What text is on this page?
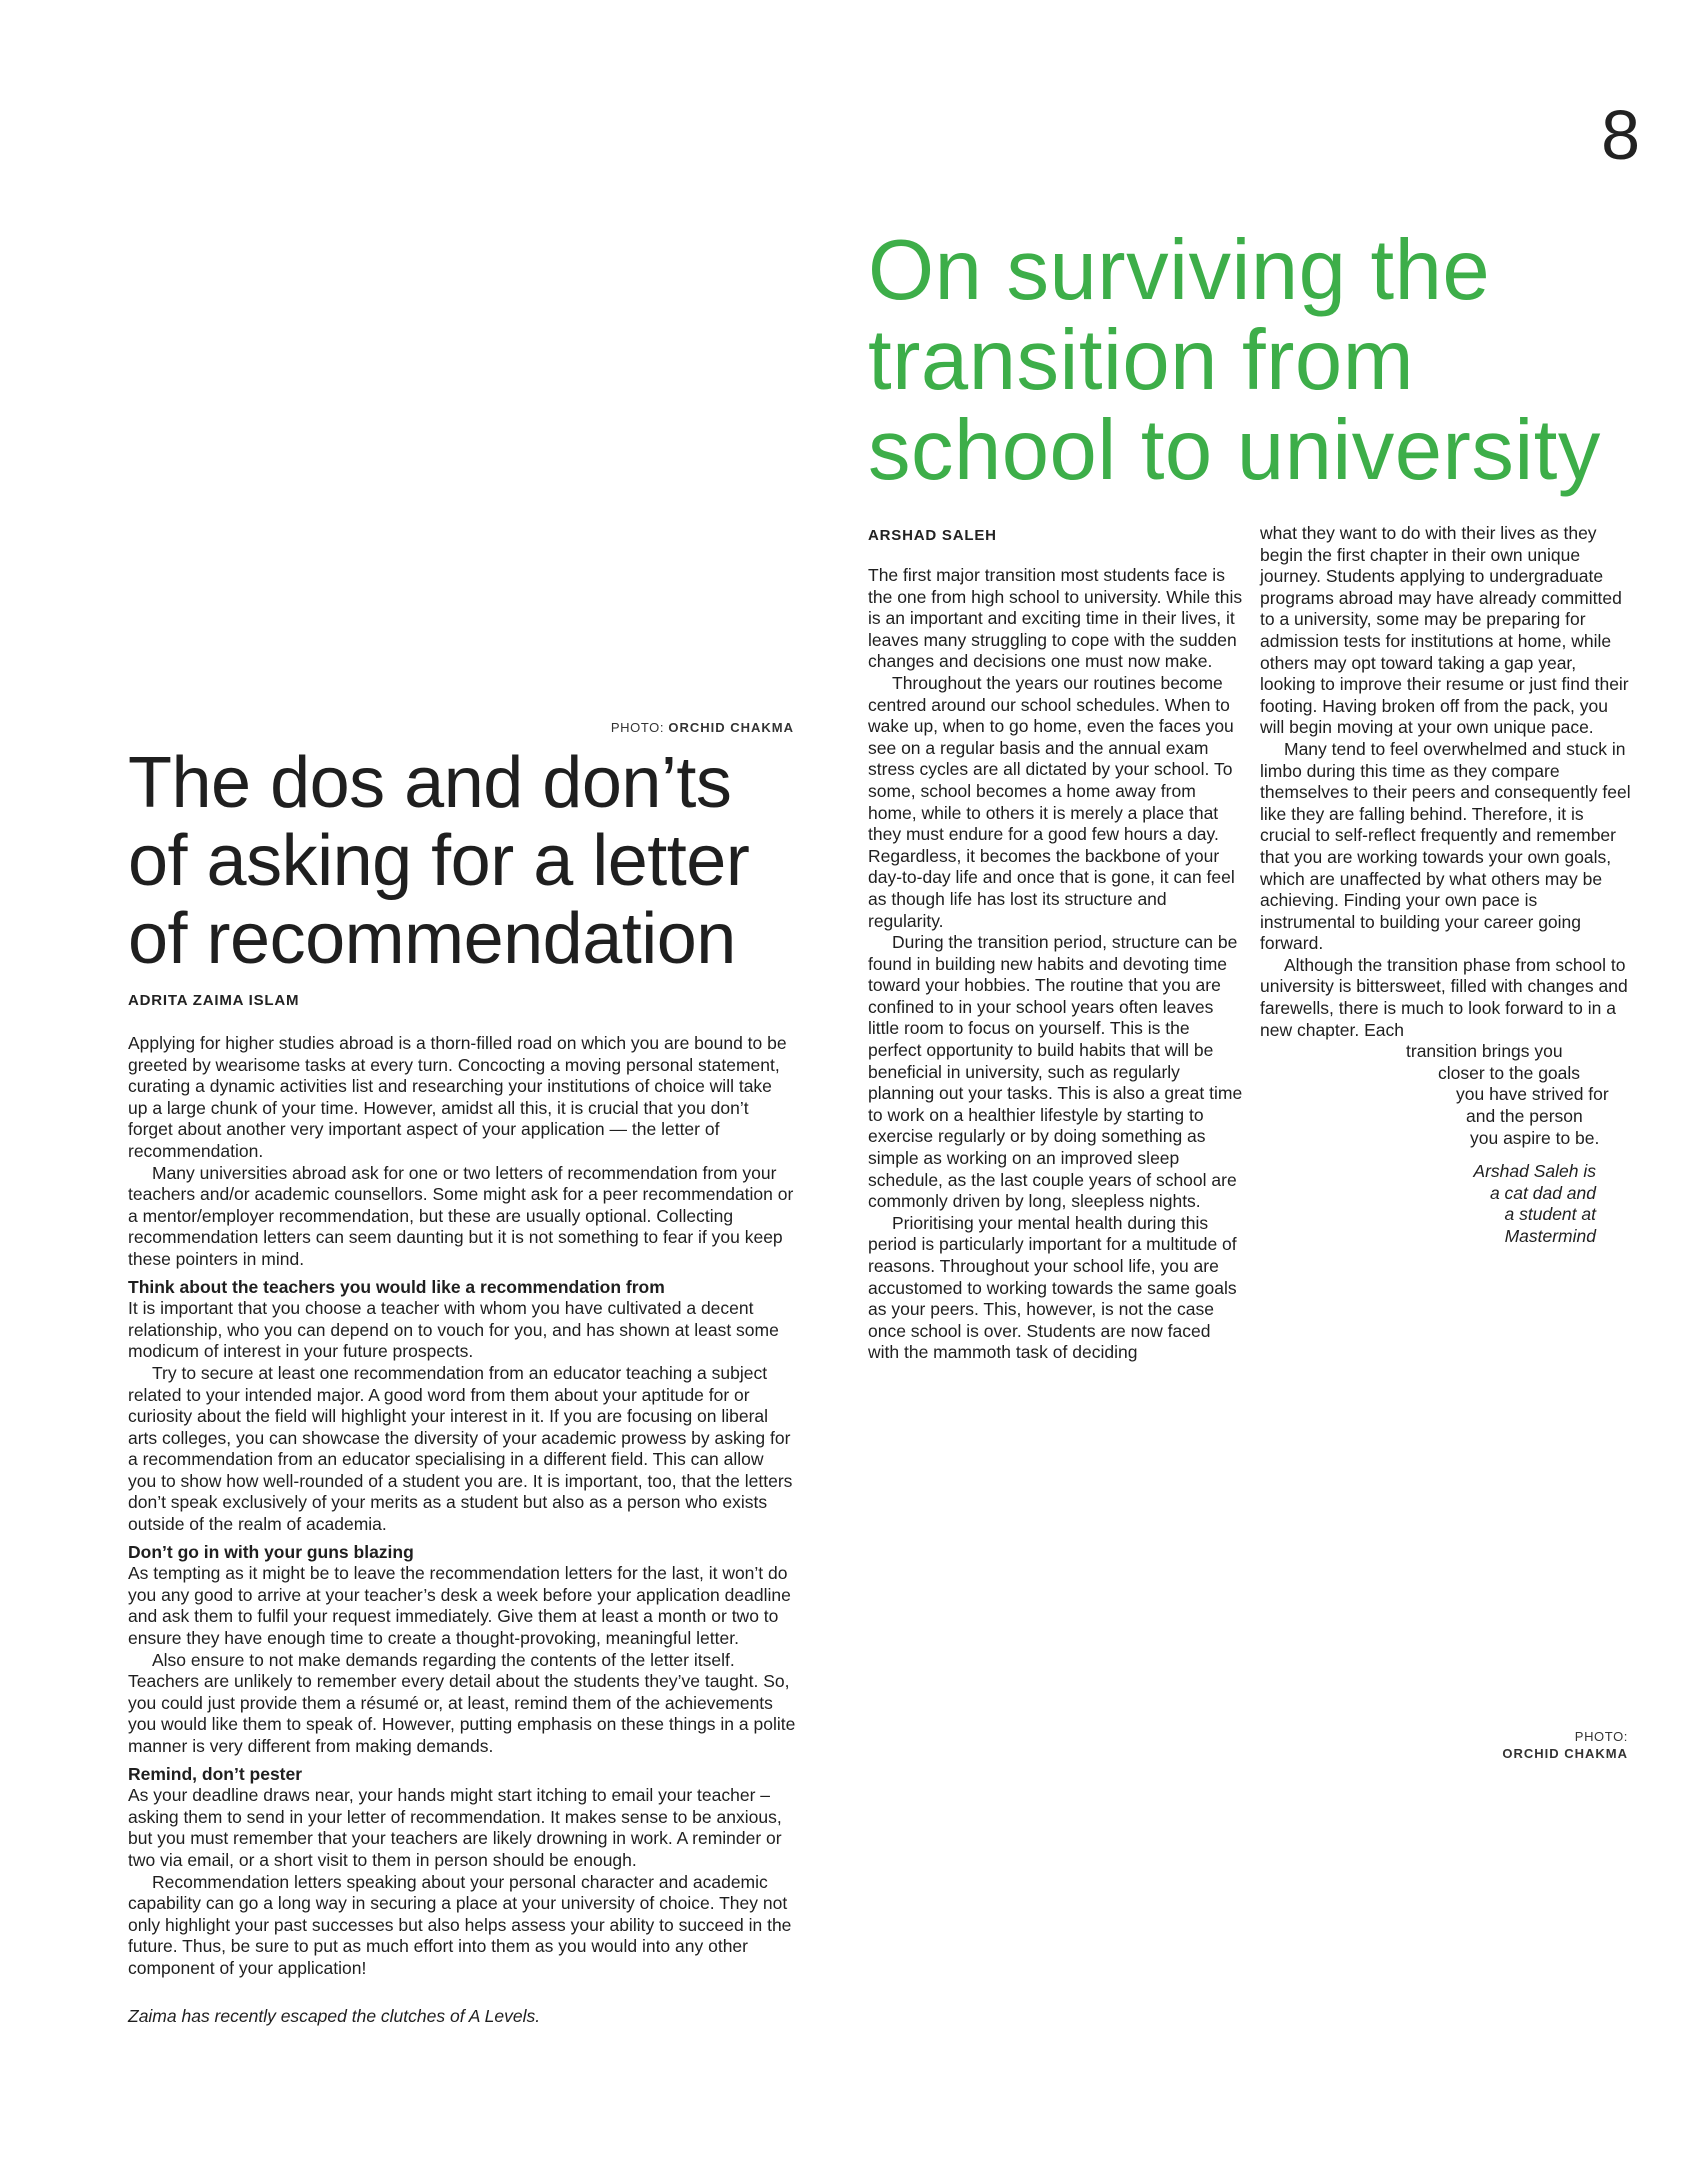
8
On surviving the transition from school to university
ARSHAD SALEH

The first major transition most students face is the one from high school to university. While this is an important and exciting time in their lives, it leaves many struggling to cope with the sudden changes and decisions one must now make.

Throughout the years our routines become centred around our school schedules. When to wake up, when to go home, even the faces you see on a regular basis and the annual exam stress cycles are all dictated by your school. To some, school becomes a home away from home, while to others it is merely a place that they must endure for a good few hours a day. Regardless, it becomes the backbone of your day-to-day life and once that is gone, it can feel as though life has lost its structure and regularity.

During the transition period, structure can be found in building new habits and devoting time toward your hobbies. The routine that you are confined to in your school years often leaves little room to focus on yourself. This is the perfect opportunity to build habits that will be beneficial in university, such as regularly planning out your tasks. This is also a great time to work on a healthier lifestyle by starting to exercise regularly or by doing something as simple as working on an improved sleep schedule, as the last couple years of school are commonly driven by long, sleepless nights.

Prioritising your mental health during this period is particularly important for a multitude of reasons. Throughout your school life, you are accustomed to working towards the same goals as your peers. This, however, is not the case once school is over. Students are now faced with the mammoth task of deciding

what they want to do with their lives as they begin the first chapter in their own unique journey. Students applying to undergraduate programs abroad may have already committed to a university, some may be preparing for admission tests for institutions at home, while others may opt toward taking a gap year, looking to improve their resume or just find their footing. Having broken off from the pack, you will begin moving at your own unique pace.

Many tend to feel overwhelmed and stuck in limbo during this time as they compare themselves to their peers and consequently feel like they are falling behind. Therefore, it is crucial to self-reflect frequently and remember that you are working towards your own goals, which are unaffected by what others may be achieving. Finding your own pace is instrumental to building your career going forward.

Although the transition phase from school to university is bittersweet, filled with changes and farewells, there is much to look forward to in a new chapter. Each

transition brings you
closer to the goals
you have strived for
and the person
you aspire to be.
Arshad Saleh is
a cat dad and
a student at
Mastermind
PHOTO:
ORCHID CHAKMA
PHOTO: ORCHID CHAKMA
The dos and don’ts of asking for a letter of recommendation
ADRITA ZAIMA ISLAM

Applying for higher studies abroad is a thorn-filled road on which you are bound to be greeted by wearisome tasks at every turn. Concocting a moving personal statement, curating a dynamic activities list and researching your institutions of choice will take up a large chunk of your time. However, amidst all this, it is crucial that you don’t forget about another very important aspect of your application — the letter of recommendation.

Many universities abroad ask for one or two letters of recommendation from your teachers and/or academic counsellors. Some might ask for a peer recommendation or a mentor/employer recommendation, but these are usually optional. Collecting recommendation letters can seem daunting but it is not something to fear if you keep these pointers in mind.

Think about the teachers you would like a recommendation from

It is important that you choose a teacher with whom you have cultivated a decent relationship, who you can depend on to vouch for you, and has shown at least some modicum of interest in your future prospects.

Try to secure at least one recommendation from an educator teaching a subject related to your intended major. A good word from them about your aptitude for or curiosity about the field will highlight your interest in it. If you are focusing on liberal arts colleges, you can showcase the diversity of your academic prowess by asking for a recommendation from an educator specialising in a different field. This can allow you to show how well-rounded of a student you are. It is important, too, that the letters don’t speak exclusively of your merits as a student but also as a person who exists outside of the realm of academia.

Don’t go in with your guns blazing

As tempting as it might be to leave the recommendation letters for the last, it won’t do you any good to arrive at your teacher’s desk a week before your application deadline and ask them to fulfil your request immediately. Give them at least a month or two to ensure they have enough time to create a thought-provoking, meaningful letter.

Also ensure to not make demands regarding the contents of the letter itself. Teachers are unlikely to remember every detail about the students they’ve taught. So, you could just provide them a résumé or, at least, remind them of the achievements you would like them to speak of. However, putting emphasis on these things in a polite manner is very different from making demands.

Remind, don’t pester

As your deadline draws near, your hands might start itching to email your teacher – asking them to send in your letter of recommendation. It makes sense to be anxious, but you must remember that your teachers are likely drowning in work. A reminder or two via email, or a short visit to them in person should be enough.

Recommendation letters speaking about your personal character and academic capability can go a long way in securing a place at your university of choice. They not only highlight your past successes but also helps assess your ability to succeed in the future. Thus, be sure to put as much effort into them as you would into any other component of your application!

Zaima has recently escaped the clutches of A Levels.
